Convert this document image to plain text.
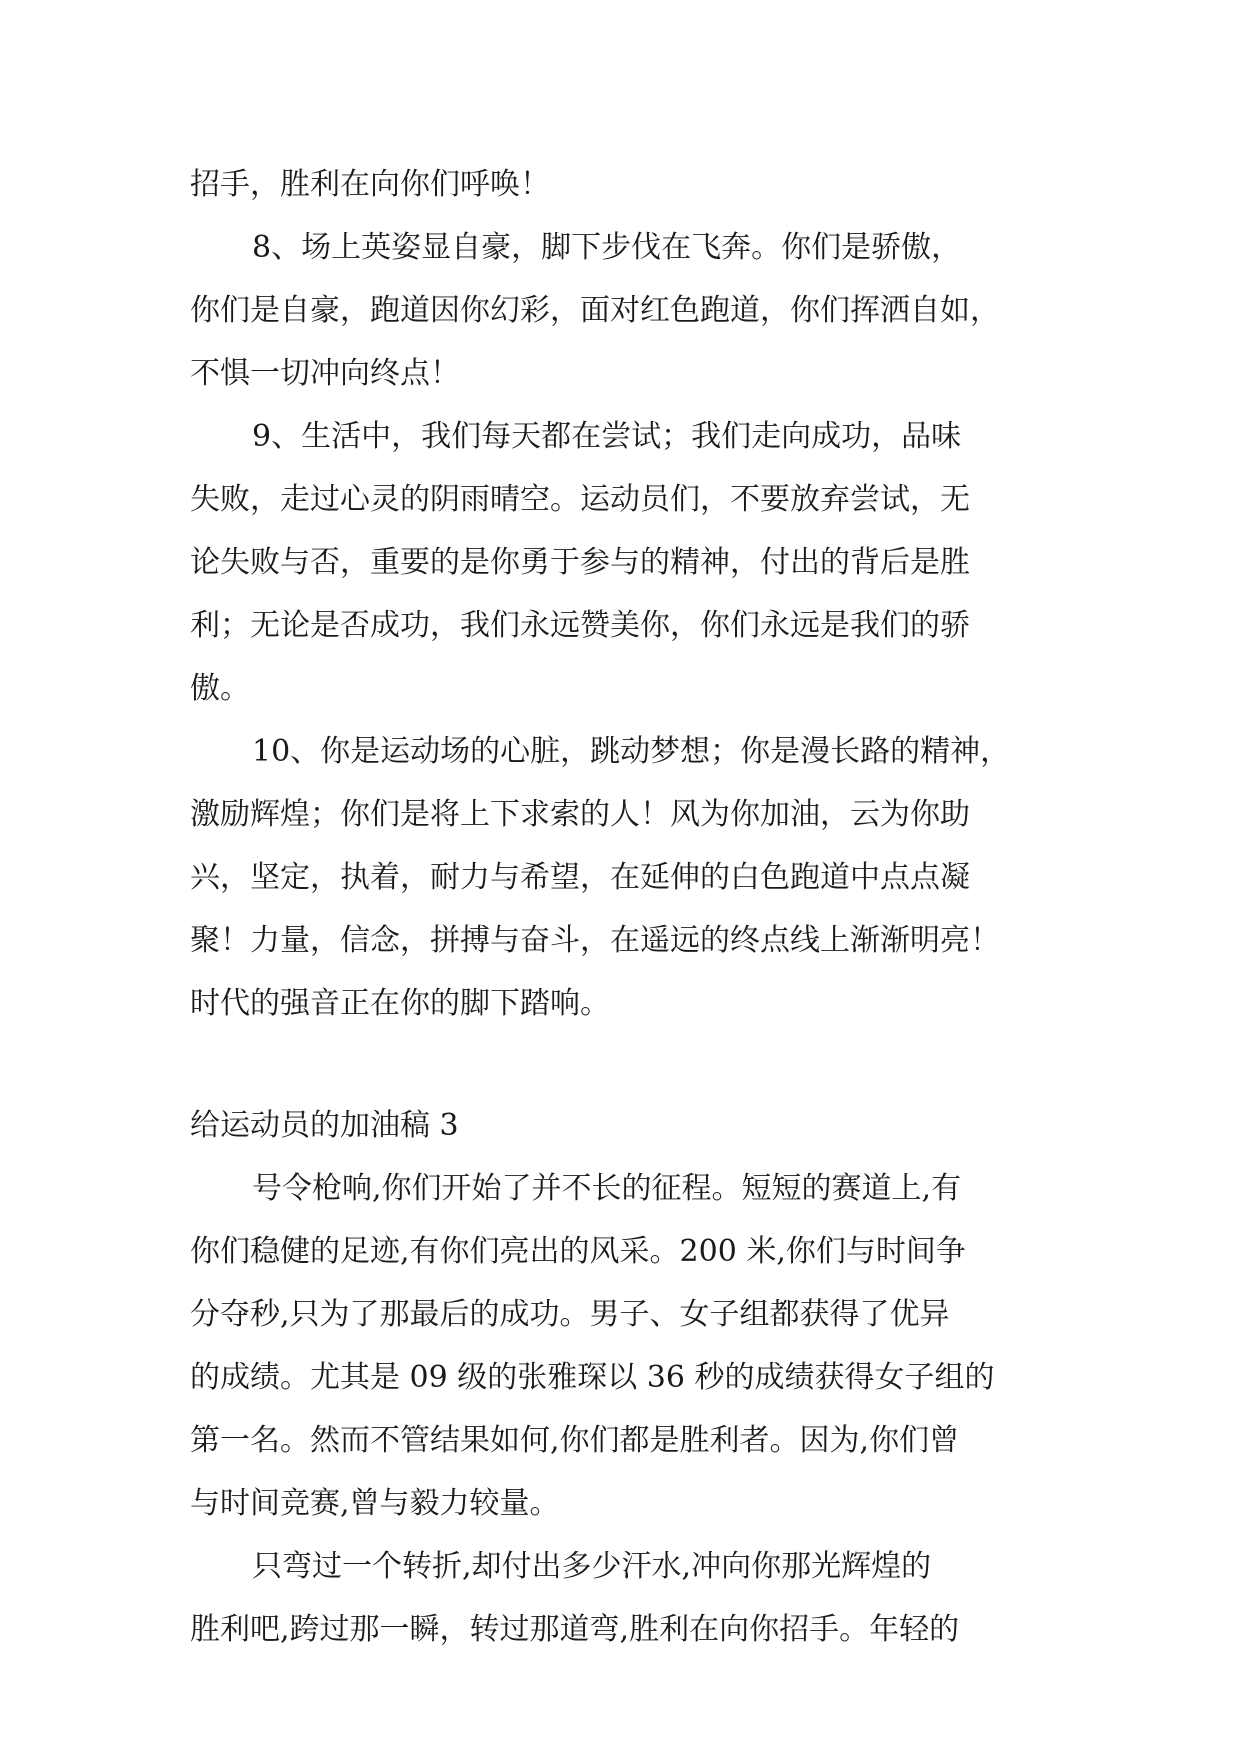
招手，胜利在向你们呼唤！
8、场上英姿显自豪，脚下步伐在飞奔。你们是骄傲，
你们是自豪，跑道因你幻彩，面对红色跑道，你们挥洒自如，
不惧一切冲向终点！
9、生活中，我们每天都在尝试；我们走向成功，品味
失败，走过心灵的阴雨晴空。运动员们，不要放弃尝试，无
论失败与否，重要的是你勇于参与的精神，付出的背后是胜
利；无论是否成功，我们永远赞美你，你们永远是我们的骄
傲。
10、你是运动场的心脏，跳动梦想；你是漫长路的精神，
激励辉煌；你们是将上下求索的人！风为你加油，云为你助
兴，坚定，执着，耐力与希望，在延伸的白色跑道中点点凝
聚！力量，信念，拼搏与奋斗，在遥远的终点线上渐渐明亮！
时代的强音正在你的脚下踏响。
给运动员的加油稿 3
号令枪响,你们开始了并不长的征程。短短的赛道上,有
你们稳健的足迹,有你们亮出的风采。200 米,你们与时间争
分夺秒,只为了那最后的成功。男子、女子组都获得了优异
的成绩。尤其是 09 级的张雅琛以 36 秒的成绩获得女子组的
第一名。然而不管结果如何,你们都是胜利者。因为,你们曾
与时间竞赛,曾与毅力较量。
只弯过一个转折,却付出多少汗水,冲向你那光辉煌的
胜利吧,跨过那一瞬，转过那道弯,胜利在向你招手。年轻的
